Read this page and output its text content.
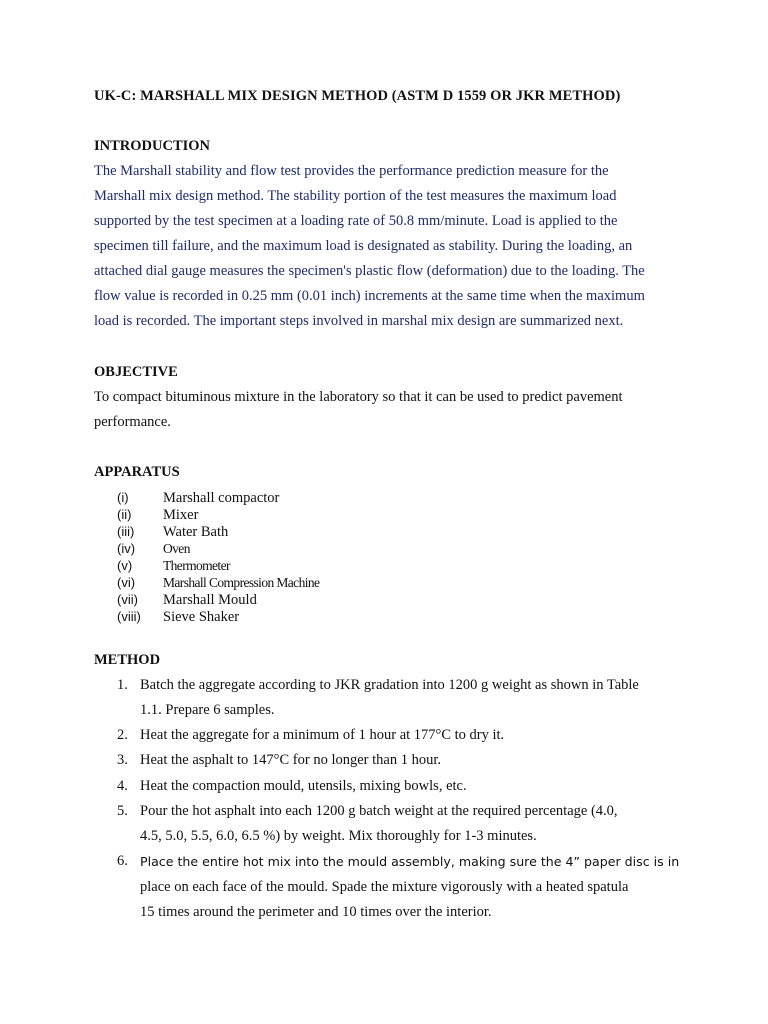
UK-C: MARSHALL MIX DESIGN METHOD (ASTM D 1559 OR JKR METHOD)
INTRODUCTION
The Marshall stability and flow test provides the performance prediction measure for the
Marshall mix design method. The stability portion of the test measures the maximum load
supported by the test specimen at a loading rate of 50.8 mm/minute. Load is applied to the
specimen till failure, and the maximum load is designated as stability. During the loading, an
attached dial gauge measures the specimen's plastic flow (deformation) due to the loading. The
flow value is recorded in 0.25 mm (0.01 inch) increments at the same time when the maximum
load is recorded. The important steps involved in marshal mix design are summarized next.
OBJECTIVE
To compact bituminous mixture in the laboratory so that it can be used to predict pavement
performance.
APPARATUS
(i) Marshall compactor
(ii) Mixer
(iii) Water Bath
(iv) Oven
(v) Thermometer
(vi) Marshall Compression Machine
(vii) Marshall Mould
(viii) Sieve Shaker
METHOD
1. Batch the aggregate according to JKR gradation into 1200 g weight as shown in Table
1.1. Prepare 6 samples.
2. Heat the aggregate for a minimum of 1 hour at 177°C to dry it.
3. Heat the asphalt to 147°C for no longer than 1 hour.
4. Heat the compaction mould, utensils, mixing bowls, etc.
5. Pour the hot asphalt into each 1200 g batch weight at the required percentage (4.0,
4.5, 5.0, 5.5, 6.0, 6.5 %) by weight. Mix thoroughly for 1-3 minutes.
6. Place the entire hot mix into the mould assembly, making sure the 4” paper disc is in
place on each face of the mould. Spade the mixture vigorously with a heated spatula
15 times around the perimeter and 10 times over the interior.
